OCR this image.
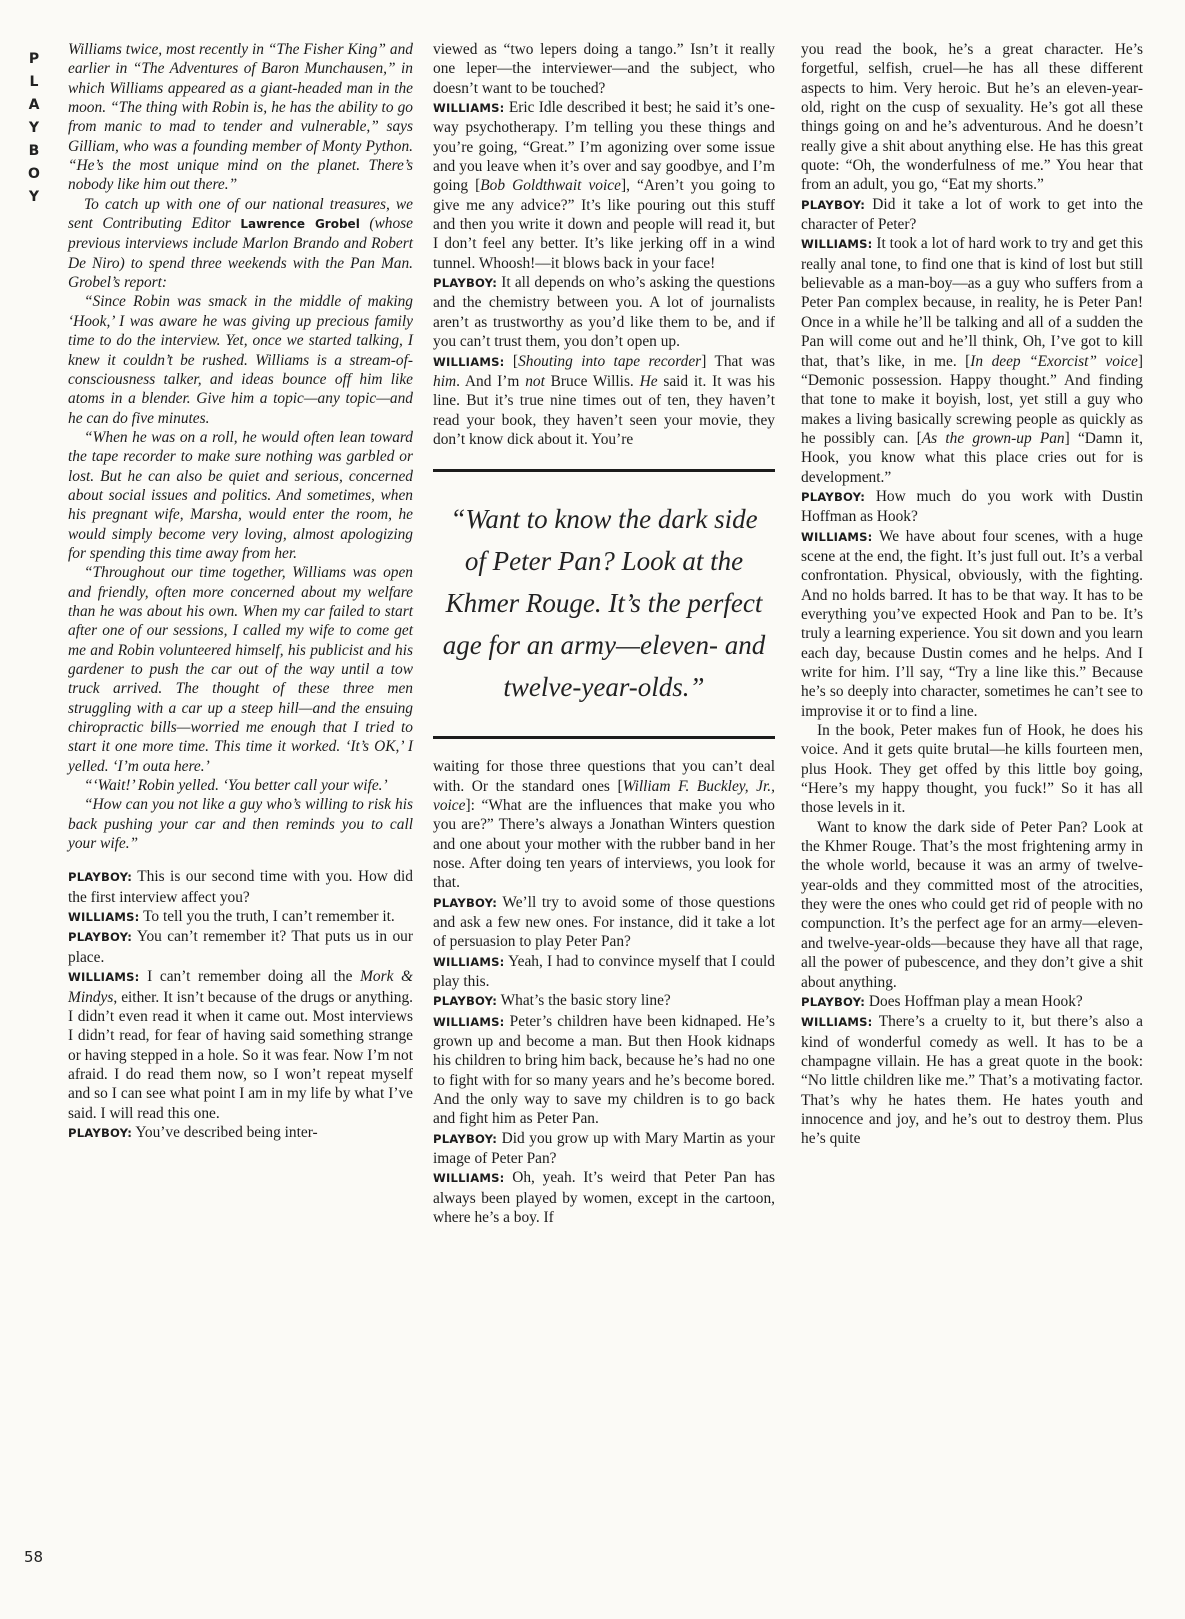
P
L
A
Y
B
O
Y
58

Williams twice, most recently in “The Fisher King” and earlier in “The Adventures of Baron Munchausen,” in which Williams appeared as a giant-headed man in the moon. “The thing with Robin is, he has the ability to go from manic to mad to tender and vulnerable,” says Gilliam, who was a founding member of Monty Python. “He’s the most unique mind on the planet. There’s nobody like him out there.”

To catch up with one of our national treasures, we sent Contributing Editor Lawrence Grobel (whose previous interviews include Marlon Brando and Robert De Niro) to spend three weekends with the Pan Man. Grobel’s report:

“Since Robin was smack in the middle of making ‘Hook,’ I was aware he was giving up precious family time to do the interview. Yet, once we started talking, I knew it couldn’t be rushed. Williams is a stream-of-consciousness talker, and ideas bounce off him like atoms in a blender. Give him a topic—any topic—and he can do five minutes.

“When he was on a roll, he would often lean toward the tape recorder to make sure nothing was garbled or lost. But he can also be quiet and serious, concerned about social issues and politics. And sometimes, when his pregnant wife, Marsha, would enter the room, he would simply become very loving, almost apologizing for spending this time away from her.

“Throughout our time together, Williams was open and friendly, often more concerned about my welfare than he was about his own. When my car failed to start after one of our sessions, I called my wife to come get me and Robin volunteered himself, his publicist and his gardener to push the car out of the way until a tow truck arrived. The thought of these three men struggling with a car up a steep hill—and the ensuing chiropractic bills—worried me enough that I tried to start it one more time. This time it worked. ‘It’s OK,’ I yelled. ‘I’m outa here.’

“‘Wait!’ Robin yelled. ‘You better call your wife.’

“How can you not like a guy who’s willing to risk his back pushing your car and then reminds you to call your wife.”

PLAYBOY: This is our second time with you. How did the first interview affect you?

WILLIAMS: To tell you the truth, I can’t remember it.

PLAYBOY: You can’t remember it? That puts us in our place.

WILLIAMS: I can’t remember doing all the Mork & Mindys, either. It isn’t because of the drugs or anything. I didn’t even read it when it came out. Most interviews I didn’t read, for fear of having said something strange or having stepped in a hole. So it was fear. Now I’m not afraid. I do read them now, so I won’t repeat myself and so I can see what point I am in my life by what I’ve said. I will read this one.

PLAYBOY: You’ve described being inter-

viewed as “two lepers doing a tango.” Isn’t it really one leper—the interviewer—and the subject, who doesn’t want to be touched?

WILLIAMS: Eric Idle described it best; he said it’s one-way psychotherapy. I’m telling you these things and you’re going, “Great.” I’m agonizing over some issue and you leave when it’s over and say goodbye, and I’m going [Bob Goldthwait voice], “Aren’t you going to give me any advice?” It’s like pouring out this stuff and then you write it down and people will read it, but I don’t feel any better. It’s like jerking off in a wind tunnel. Whoosh!—it blows back in your face!

PLAYBOY: It all depends on who’s asking the questions and the chemistry between you. A lot of journalists aren’t as trustworthy as you’d like them to be, and if you can’t trust them, you don’t open up.

WILLIAMS: [Shouting into tape recorder] That was him. And I’m not Bruce Willis. He said it. It was his line. But it’s true nine times out of ten, they haven’t read your book, they haven’t seen your movie, they don’t know dick about it. You’re

“Want to know the dark side of Peter Pan? Look at the Khmer Rouge. It’s the perfect age for an army—eleven- and twelve-year-olds.”

waiting for those three questions that you can’t deal with. Or the standard ones [William F. Buckley, Jr., voice]: “What are the influences that make you who you are?” There’s always a Jonathan Winters question and one about your mother with the rubber band in her nose. After doing ten years of interviews, you look for that.

PLAYBOY: We’ll try to avoid some of those questions and ask a few new ones. For instance, did it take a lot of persuasion to play Peter Pan?

WILLIAMS: Yeah, I had to convince myself that I could play this.

PLAYBOY: What’s the basic story line?

WILLIAMS: Peter’s children have been kidnaped. He’s grown up and become a man. But then Hook kidnaps his children to bring him back, because he’s had no one to fight with for so many years and he’s become bored. And the only way to save my children is to go back and fight him as Peter Pan.

PLAYBOY: Did you grow up with Mary Martin as your image of Peter Pan?

WILLIAMS: Oh, yeah. It’s weird that Peter Pan has always been played by women, except in the cartoon, where he’s a boy. If

you read the book, he’s a great character. He’s forgetful, selfish, cruel—he has all these different aspects to him. Very heroic. But he’s an eleven-year-old, right on the cusp of sexuality. He’s got all these things going on and he’s adventurous. And he doesn’t really give a shit about anything else. He has this great quote: “Oh, the wonderfulness of me.” You hear that from an adult, you go, “Eat my shorts.”

PLAYBOY: Did it take a lot of work to get into the character of Peter?

WILLIAMS: It took a lot of hard work to try and get this really anal tone, to find one that is kind of lost but still believable as a man-boy—as a guy who suffers from a Peter Pan complex because, in reality, he is Peter Pan! Once in a while he’ll be talking and all of a sudden the Pan will come out and he’ll think, Oh, I’ve got to kill that, that’s like, in me. [In deep “Exorcist” voice] “Demonic possession. Happy thought.” And finding that tone to make it boyish, lost, yet still a guy who makes a living basically screwing people as quickly as he possibly can. [As the grown-up Pan] “Damn it, Hook, you know what this place cries out for is development.”

PLAYBOY: How much do you work with Dustin Hoffman as Hook?

WILLIAMS: We have about four scenes, with a huge scene at the end, the fight. It’s just full out. It’s a verbal confrontation. Physical, obviously, with the fighting. And no holds barred. It has to be that way. It has to be everything you’ve expected Hook and Pan to be. It’s truly a learning experience. You sit down and you learn each day, because Dustin comes and he helps. And I write for him. I’ll say, “Try a line like this.” Because he’s so deeply into character, sometimes he can’t see to improvise it or to find a line.

In the book, Peter makes fun of Hook, he does his voice. And it gets quite brutal—he kills fourteen men, plus Hook. They get offed by this little boy going, “Here’s my happy thought, you fuck!” So it has all those levels in it.

Want to know the dark side of Peter Pan? Look at the Khmer Rouge. That’s the most frightening army in the whole world, because it was an army of twelve-year-olds and they committed most of the atrocities, they were the ones who could get rid of people with no compunction. It’s the perfect age for an army—eleven- and twelve-year-olds—because they have all that rage, all the power of pubescence, and they don’t give a shit about anything.

PLAYBOY: Does Hoffman play a mean Hook?

WILLIAMS: There’s a cruelty to it, but there’s also a kind of wonderful comedy as well. It has to be a champagne villain. He has a great quote in the book: “No little children like me.” That’s a motivating factor. That’s why he hates them. He hates youth and innocence and joy, and he’s out to destroy them. Plus he’s quite
